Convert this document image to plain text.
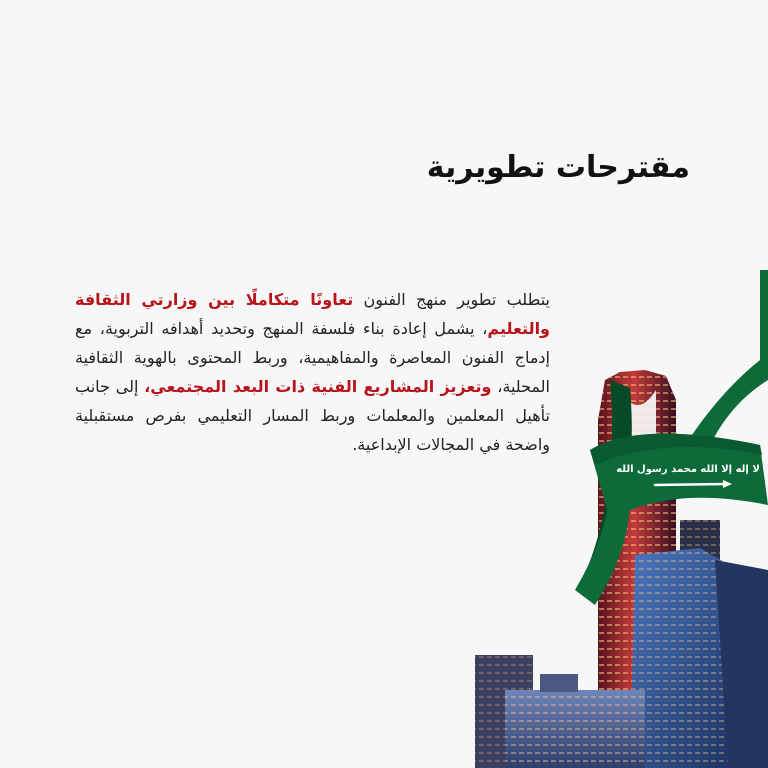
مقترحات تطويرية

يتطلب تطوير منهج الفنون تعاونًا متكاملًا بين وزارتي الثقافة والتعليم، يشمل إعادة بناء فلسفة المنهج وتحديد أهدافه التربوية، مع إدماج الفنون المعاصرة والمفاهيمية، وربط المحتوى بالهوية الثقافية المحلية، وتعزيز المشاريع الفنية ذات البعد المجتمعي، إلى جانب تأهيل المعلمين والمعلمات وربط المسار التعليمي بفرص مستقبلية واضحة في المجالات الإبداعية.

لا إله إلا الله محمد رسول الله
